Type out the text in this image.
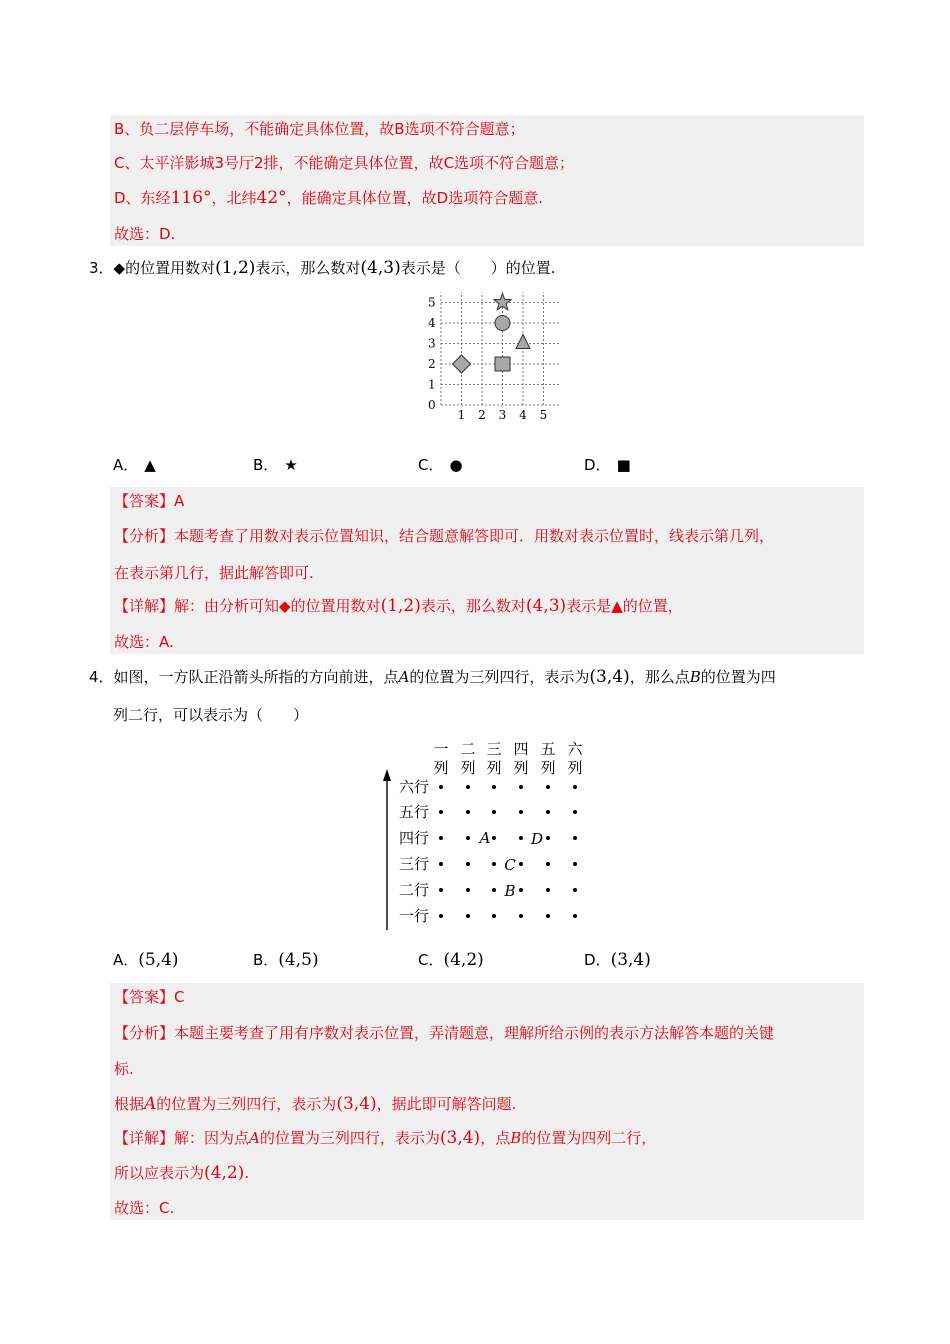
B、负二层停车场，不能确定具体位置，故B选项不符合题意；
C、太平洋影城3号厅2排，不能确定具体位置，故C选项不符合题意；
D、东经116°，北纬42°，能确定具体位置，故D选项符合题意.
故选：D.
3．◆的位置用数对(1,2)表示，那么数对(4,3)表示是（　　）的位置.
1 2 3 4 5
0
1
2
3
4
5
A． ▲	B． ★	C． ●	D． ■
【答案】A
【分析】本题考查了用数对表示位置知识，结合题意解答即可．用数对表示位置时，线表示第几列，
在表示第几行，据此解答即可.
【详解】解：由分析可知◆的位置用数对(1,2)表示，那么数对(4,3)表示是▲的位置，
故选：A.
4．如图，一方队正沿箭头所指的方向前进，点A的位置为三列四行，表示为(3,4)，那么点B的位置为四
列二行，可以表示为（　　）
一
列
二
列
三
列
四
列
五
列
六
列
六行
五行
四行
三行
二行
一行
A	D
C
B
A．(5,4)	B．(4,5)	C．(4,2)	D．(3,4)
【答案】C
【分析】本题主要考查了用有序数对表示位置，弄清题意，理解所给示例的表示方法解答本题的关键
标.
根据A的位置为三列四行，表示为(3,4)，据此即可解答问题.
【详解】解：因为点A的位置为三列四行，表示为(3,4)，点B的位置为四列二行，
所以应表示为(4,2).
故选：C.
